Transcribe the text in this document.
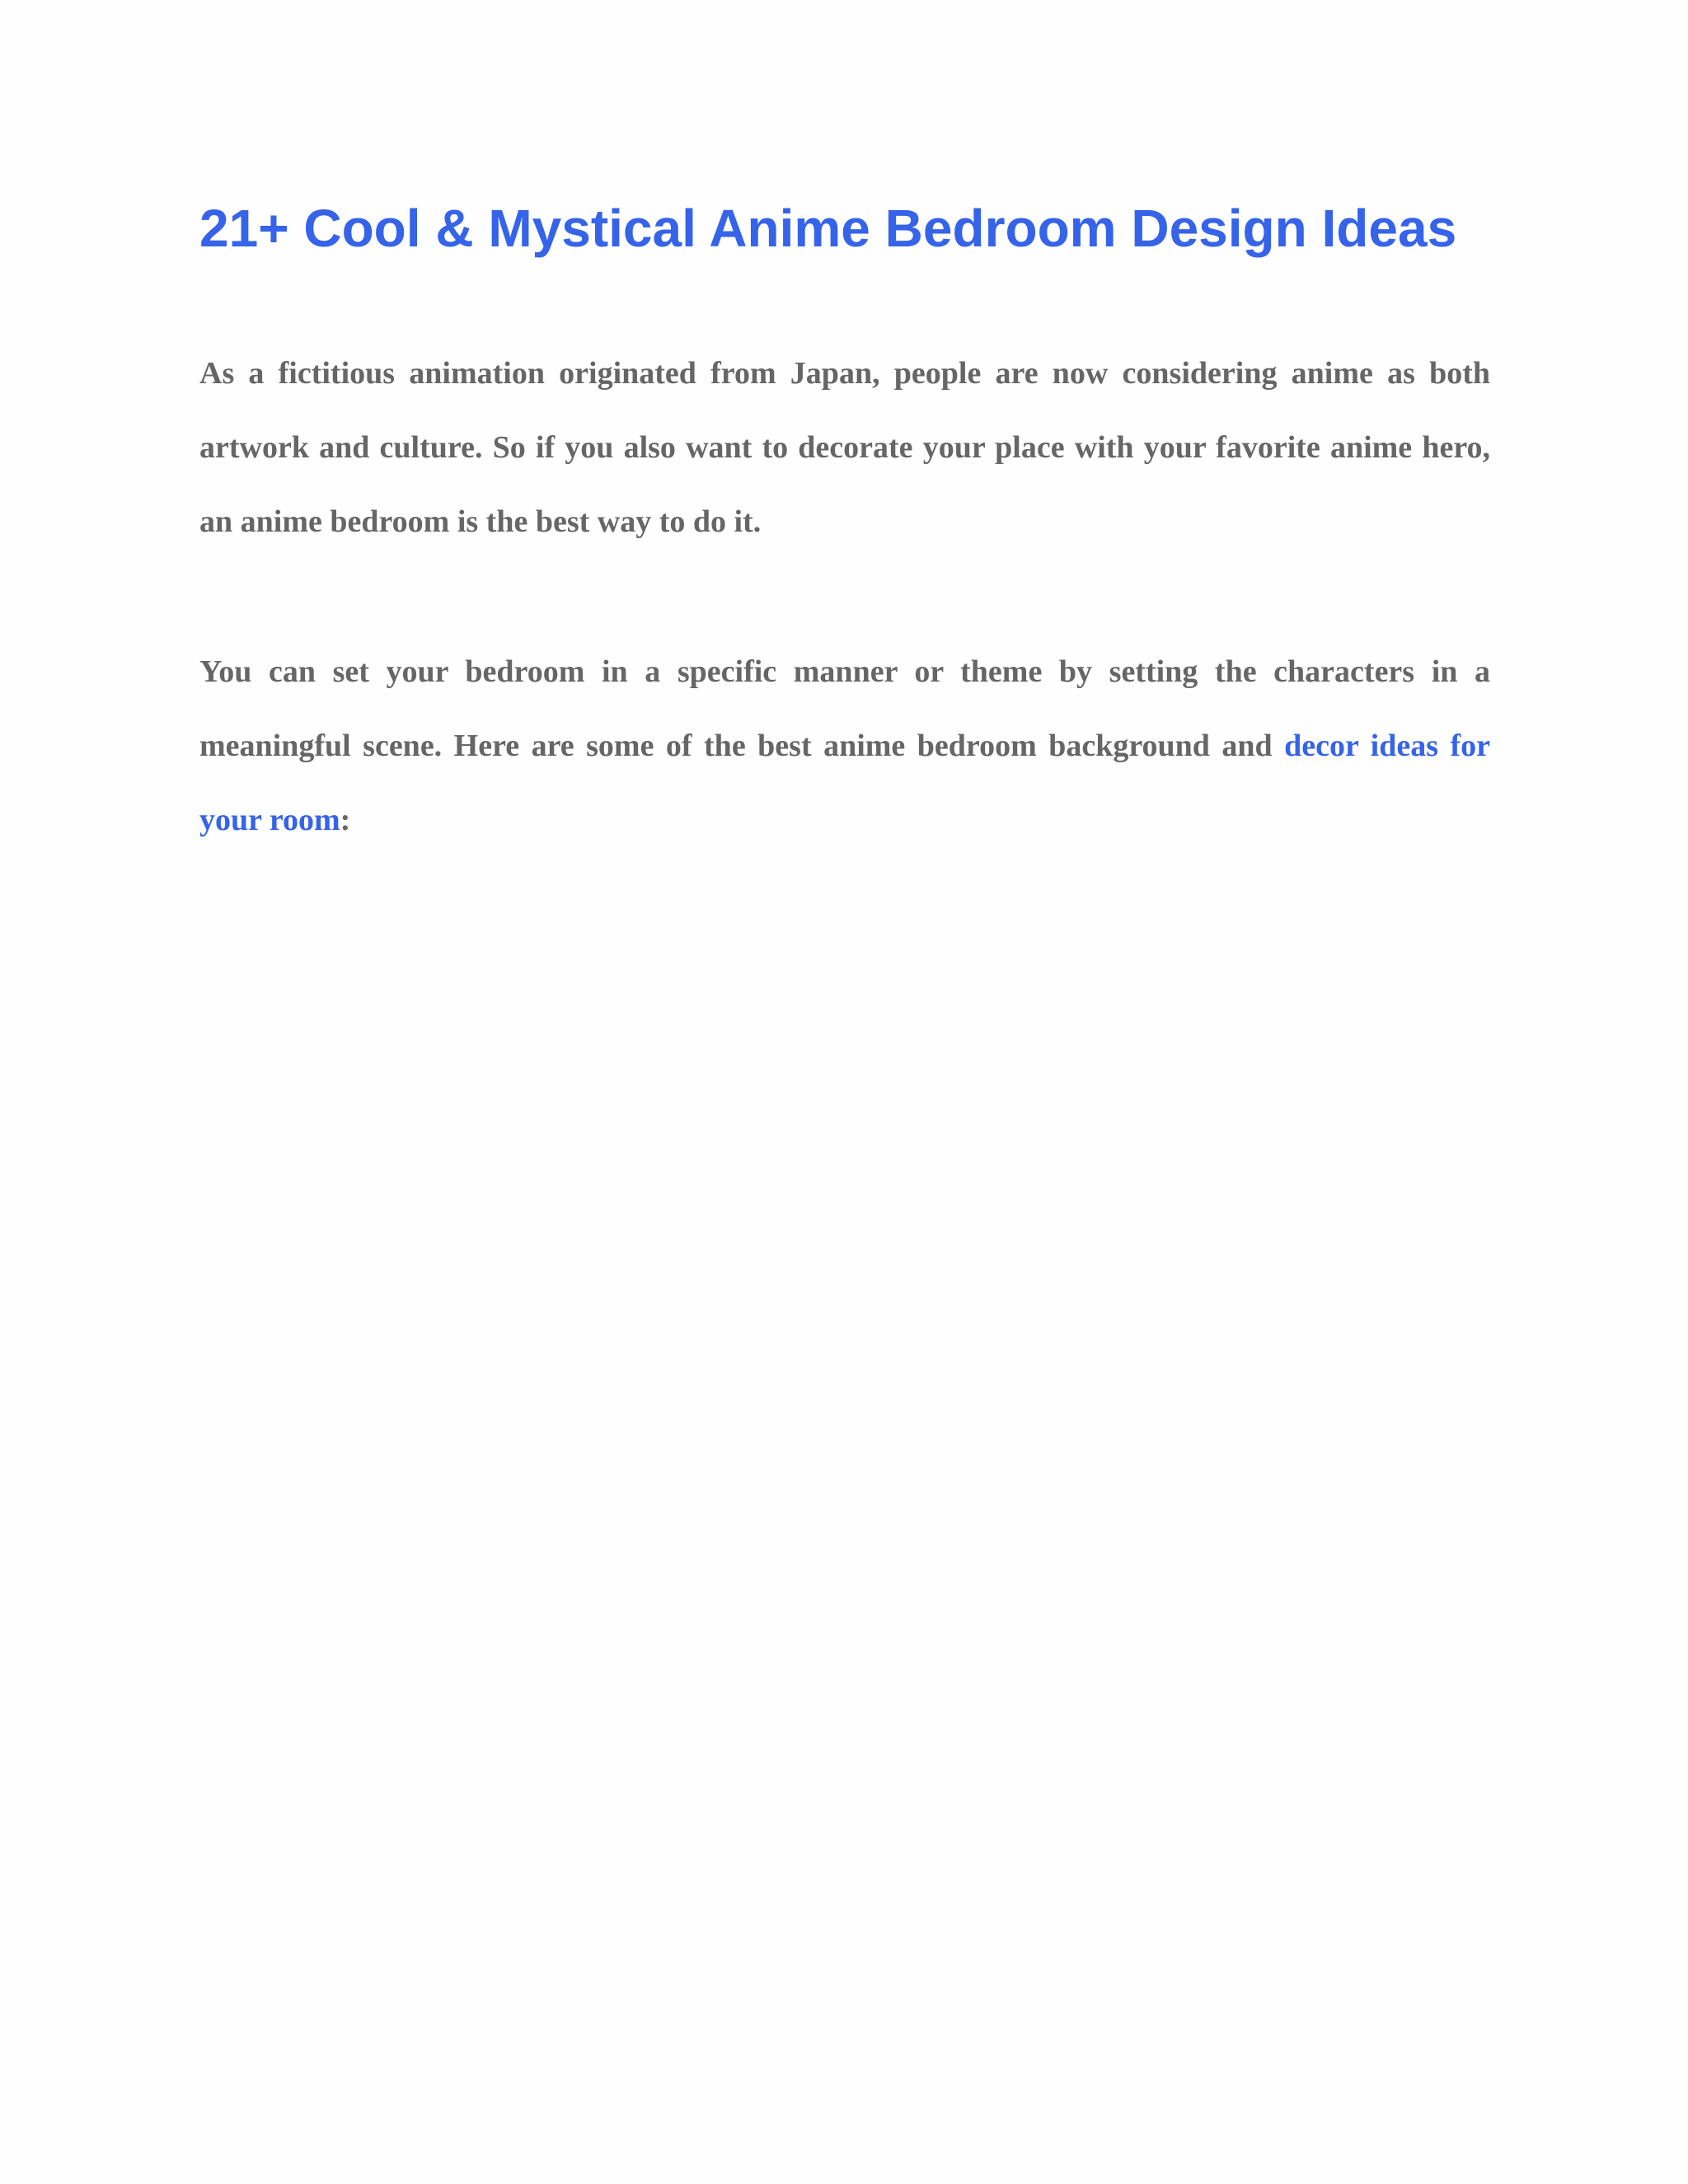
21+ Cool & Mystical Anime Bedroom Design Ideas

As a fictitious animation originated from Japan, people are now considering anime as both artwork and culture. So if you also want to decorate your place with your favorite anime hero, an anime bedroom is the best way to do it.

You can set your bedroom in a specific manner or theme by setting the characters in a meaningful scene. Here are some of the best anime bedroom background and decor ideas for your room:
